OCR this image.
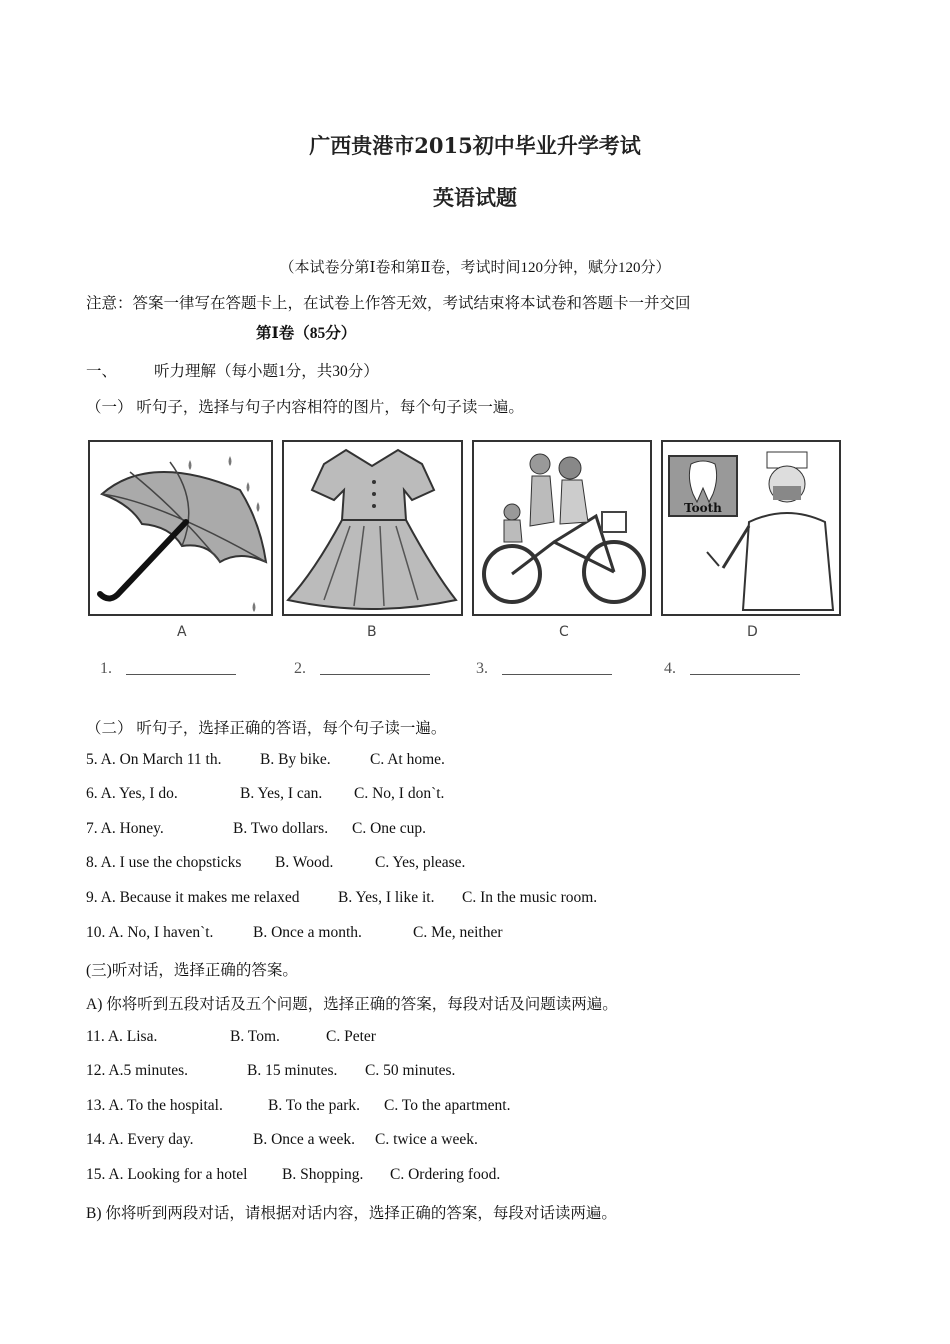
广西贵港市2015初中毕业升学考试
英语试题
（本试卷分第Ⅰ卷和第Ⅱ卷，考试时间120分钟，赋分120分）
注意：答案一律写在答题卡上，在试卷上作答无效，考试结束将本试卷和答题卡一并交回
第Ⅰ卷（85分）
一、 听力理解（每小题1分，共30分）
（一） 听句子，选择与句子内容相符的图片，每个句子读一遍。
Tooth
A	B	C	D
1.	2.	3.	4.
（二） 听句子，选择正确的答语，每个句子读一遍。
5. A. On March 11 th. B. By bike.	C. At home.
6. A. Yes, I do.	B. Yes, I can. C. No, I don`t.
7. A. Honey.	B. Two dollars. C. One cup.
8. A. I use the chopsticks B. Wood.	C. Yes, please.
9. A. Because it makes me relaxed B. Yes, I like it. C. In the music room.
10. A. No, I haven`t.	B. Once a month.	C. Me, neither
(三)听对话，选择正确的答案。
A) 你将听到五段对话及五个问题，选择正确的答案，每段对话及问题读两遍。
11. A. Lisa.	B. Tom.	C. Peter
12. A.5 minutes.	B. 15 minutes. C. 50 minutes.
13. A. To the hospital.	B. To the park. C. To the apartment.
14. A. Every day.	B. Once a week. C. twice a week.
15. A. Looking for a hotel B. Shopping. C. Ordering food.
B) 你将听到两段对话，请根据对话内容，选择正确的答案，每段对话读两遍。
